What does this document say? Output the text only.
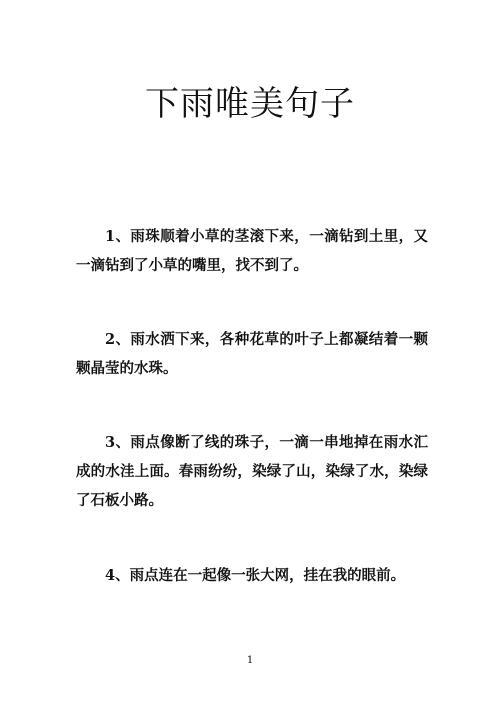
下雨唯美句子

1、雨珠顺着小草的茎滚下来，一滴钻到土里，又一滴钻到了小草的嘴里，找不到了。

2、雨水洒下来，各种花草的叶子上都凝结着一颗颗晶莹的水珠。

3、雨点像断了线的珠子，一滴一串地掉在雨水汇成的水洼上面。春雨纷纷，染绿了山，染绿了水，染绿了石板小路。

4、雨点连在一起像一张大网，挂在我的眼前。

1
